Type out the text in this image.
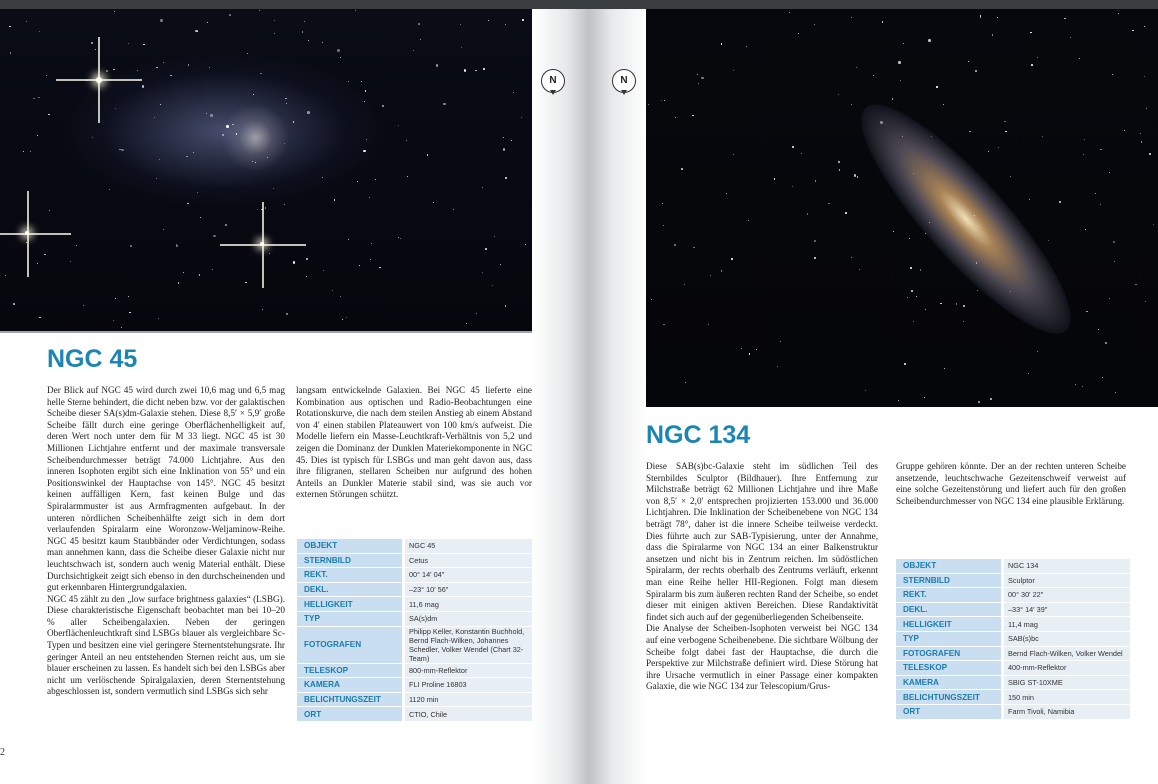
NGC 45

Der Blick auf NGC 45 wird durch zwei 10,6 mag und 6,5 mag helle Sterne behindert, die dicht neben bzw. vor der galaktischen Scheibe dieser SA(s)dm-Galaxie stehen. Diese 8,5′ × 5,9′ große Scheibe fällt durch eine geringe Oberflächenhelligkeit auf, deren Wert noch unter dem für M 33 liegt. NGC 45 ist 30 Millionen Lichtjahre entfernt und der maximale transversale Scheibendurchmesser beträgt 74.000 Lichtjahre. Aus den inneren Isophoten ergibt sich eine Inklination von 55° und ein Positionswinkel der Hauptachse von 145°. NGC 45 besitzt keinen auffälligen Kern, fast keinen Bulge und das Spiralarmmuster ist aus Armfragmenten aufgebaut. In der unteren nördlichen Scheibenhälfte zeigt sich in dem dort verlaufenden Spiralarm eine Woronzow-Weljaminow-Reihe. NGC 45 besitzt kaum Staubbänder oder Verdichtungen, sodass man annehmen kann, dass die Scheibe dieser Galaxie nicht nur leuchtschwach ist, sondern auch wenig Material enthält. Diese Durchsichtigkeit zeigt sich ebenso in den durchscheinenden und gut erkennbaren Hintergrundgalaxien.

NGC 45 zählt zu den „low surface brightness galaxies“ (LSBG). Diese charakteristische Eigenschaft beobachtet man bei 10–20 % aller Scheibengalaxien. Neben der geringen Oberflächenleuchtkraft sind LSBGs blauer als vergleichbare Sc-Typen und besitzen eine viel geringere Sternentstehungsrate. Ihr geringer Anteil an neu entstehenden Sternen reicht aus, um sie blauer erscheinen zu lassen. Es handelt sich bei den LSBGs aber nicht um verlöschende Spiralgalaxien, deren Sternentstehung abgeschlossen ist, sondern vermutlich sind LSBGs sich sehr

langsam entwickelnde Galaxien. Bei NGC 45 lieferte eine Kombination aus optischen und Radio-Beobachtungen eine Rotationskurve, die nach dem steilen Anstieg ab einem Abstand von 4′ einen stabilen Plateauwert von 100 km/s aufweist. Die Modelle liefern ein Masse-Leuchtkraft-Verhältnis von 5,2 und zeigen die Dominanz der Dunklen Materiekomponente in NGC 45. Dies ist typisch für LSBGs und man geht davon aus, dass ihre filigranen, stellaren Scheiben nur aufgrund des hohen Anteils an Dunkler Materie stabil sind, was sie auch vor externen Störungen schützt.

OBJEKT		NGC 45
STERNBILD		Cetus
REKT.		00° 14′ 04″
DEKL.		–23° 10′ 56″
HELLIGKEIT		11,6 mag
TYP		SA(s)dm
FOTOGRAFEN		Philipp Keller, Konstantin Buchhold, Bernd Flach-Wilken, Johannes Schedler, Volker Wendel (Chart 32-Team)
TELESKOP		800-mm-Reflektor
KAMERA		FLI Proline 16803
BELICHTUNGSZEIT		1120 min
ORT		CTIO, Chile
2
N	N
NGC 134

Diese SAB(s)bc-Galaxie steht im südlichen Teil des Sternbildes Sculptor (Bildhauer). Ihre Entfernung zur Milchstraße beträgt 62 Millionen Lichtjahre und ihre Maße von 8,5′ × 2,0′ entsprechen projizierten 153.000 und 36.000 Lichtjahren. Die Inklination der Scheibenebene von NGC 134 beträgt 78°, daher ist die innere Scheibe teilweise verdeckt. Dies führte auch zur SAB-Typisierung, unter der Annahme, dass die Spiralarme von NGC 134 an einer Balkenstruktur ansetzen und nicht bis in Zentrum reichen. Im südöstlichen Spiralarm, der rechts oberhalb des Zentrums verläuft, erkennt man eine Reihe heller HII-Regionen. Folgt man diesem Spiralarm bis zum äußeren rechten Rand der Scheibe, so endet dieser mit einigen aktiven Bereichen. Diese Randaktivität findet sich auch auf der gegenüberliegenden Scheibenseite.

Die Analyse der Scheiben-Isophoten verweist bei NGC 134 auf eine verbogene Scheibenebene. Die sichtbare Wölbung der Scheibe folgt dabei fast der Hauptachse, die durch die Perspektive zur Milchstraße definiert wird. Diese Störung hat ihre Ursache vermutlich in einer Passage einer kompakten Galaxie, die wie NGC 134 zur Telescopium/Grus-

Gruppe gehören könnte. Der an der rechten unteren Scheibe ansetzende, leuchtschwache Gezeitenschweif verweist auf eine solche Gezeitenstörung und liefert auch für den großen Scheibendurchmesser von NGC 134 eine plausible Erklärung.

OBJEKT		NGC 134
STERNBILD		Sculptor
REKT.		00° 30′ 22″
DEKL.		–33° 14′ 39″
HELLIGKEIT		11,4 mag
TYP		SAB(s)bc
FOTOGRAFEN		Bernd Flach-Wilken, Volker Wendel
TELESKOP		400-mm-Reflektor
KAMERA		SBIG ST-10XME
BELICHTUNGSZEIT		150 min
ORT		Farm Tivoli, Namibia
